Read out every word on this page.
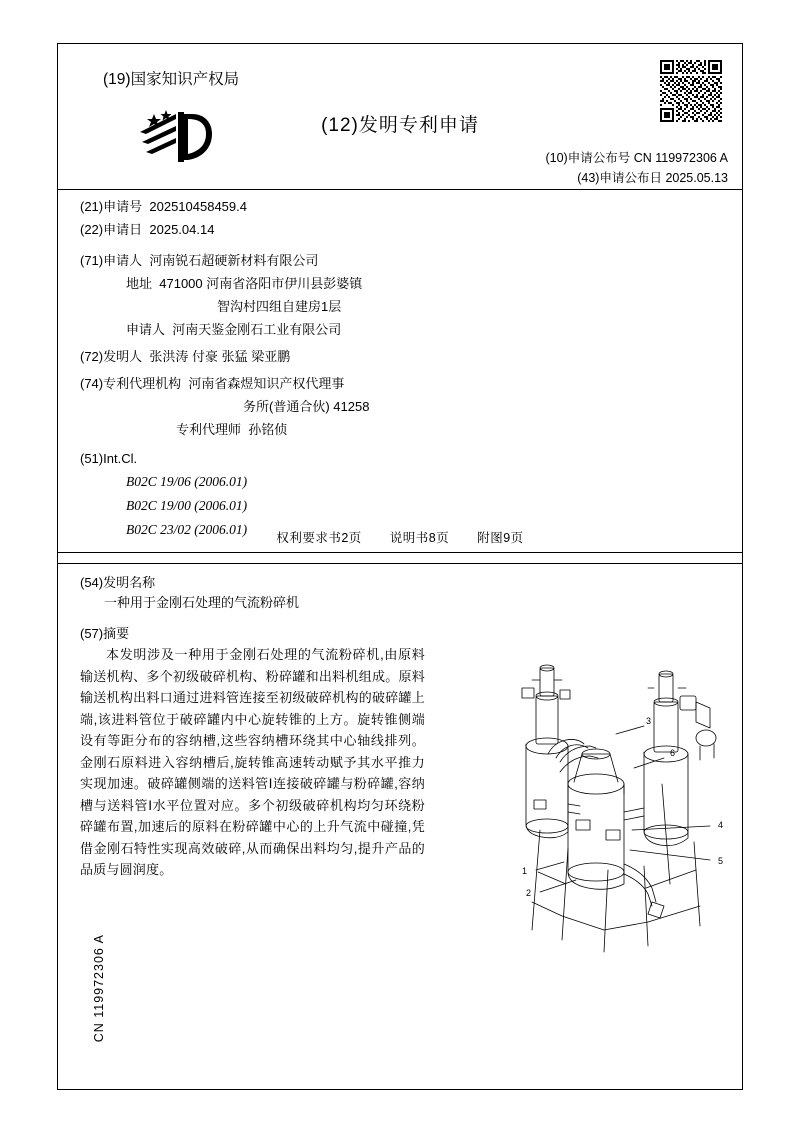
(19)国家知识产权局
(12)发明专利申请
(10)申请公布号 CN 119972306 A
(43)申请公布日 2025.05.13
(21)申请号 202510458459.4
(22)申请日 2025.04.14
(71)申请人 河南锐石超硬新材料有限公司
地址 471000 河南省洛阳市伊川县彭婆镇
智沟村四组自建房1层
申请人 河南天鉴金刚石工业有限公司
(72)发明人 张洪涛 付豪 张猛 梁亚鹏
(74)专利代理机构 河南省森煜知识产权代理事
务所(普通合伙) 41258
专利代理师 孙铭侦
(51)Int.Cl.
B02C 19/06 (2006.01)
B02C 19/00 (2006.01)
B02C 23/02 (2006.01)
权利要求书2页 说明书8页 附图9页
(54)发明名称
一种用于金刚石处理的气流粉碎机
(57)摘要
本发明涉及一种用于金刚石处理的气流粉碎机,由原料输送机构、多个初级破碎机构、粉碎罐和出料机组成。原料输送机构出料口通过进料管连接至初级破碎机构的破碎罐上端,该进料管位于破碎罐内中心旋转锥的上方。旋转锥侧端设有等距分布的容纳槽,这些容纳槽环绕其中心轴线排列。金刚石原料进入容纳槽后,旋转锥高速转动赋予其水平推力实现加速。破碎罐侧端的送料管Ⅰ连接破碎罐与粉碎罐,容纳槽与送料管Ⅰ水平位置对应。多个初级破碎机构均匀环绕粉碎罐布置,加速后的原料在粉碎罐中心的上升气流中碰撞,凭借金刚石特性实现高效破碎,从而确保出料均匀,提升产品的品质与圆润度。
CN 119972306 A
1
2
3
4
5
6
